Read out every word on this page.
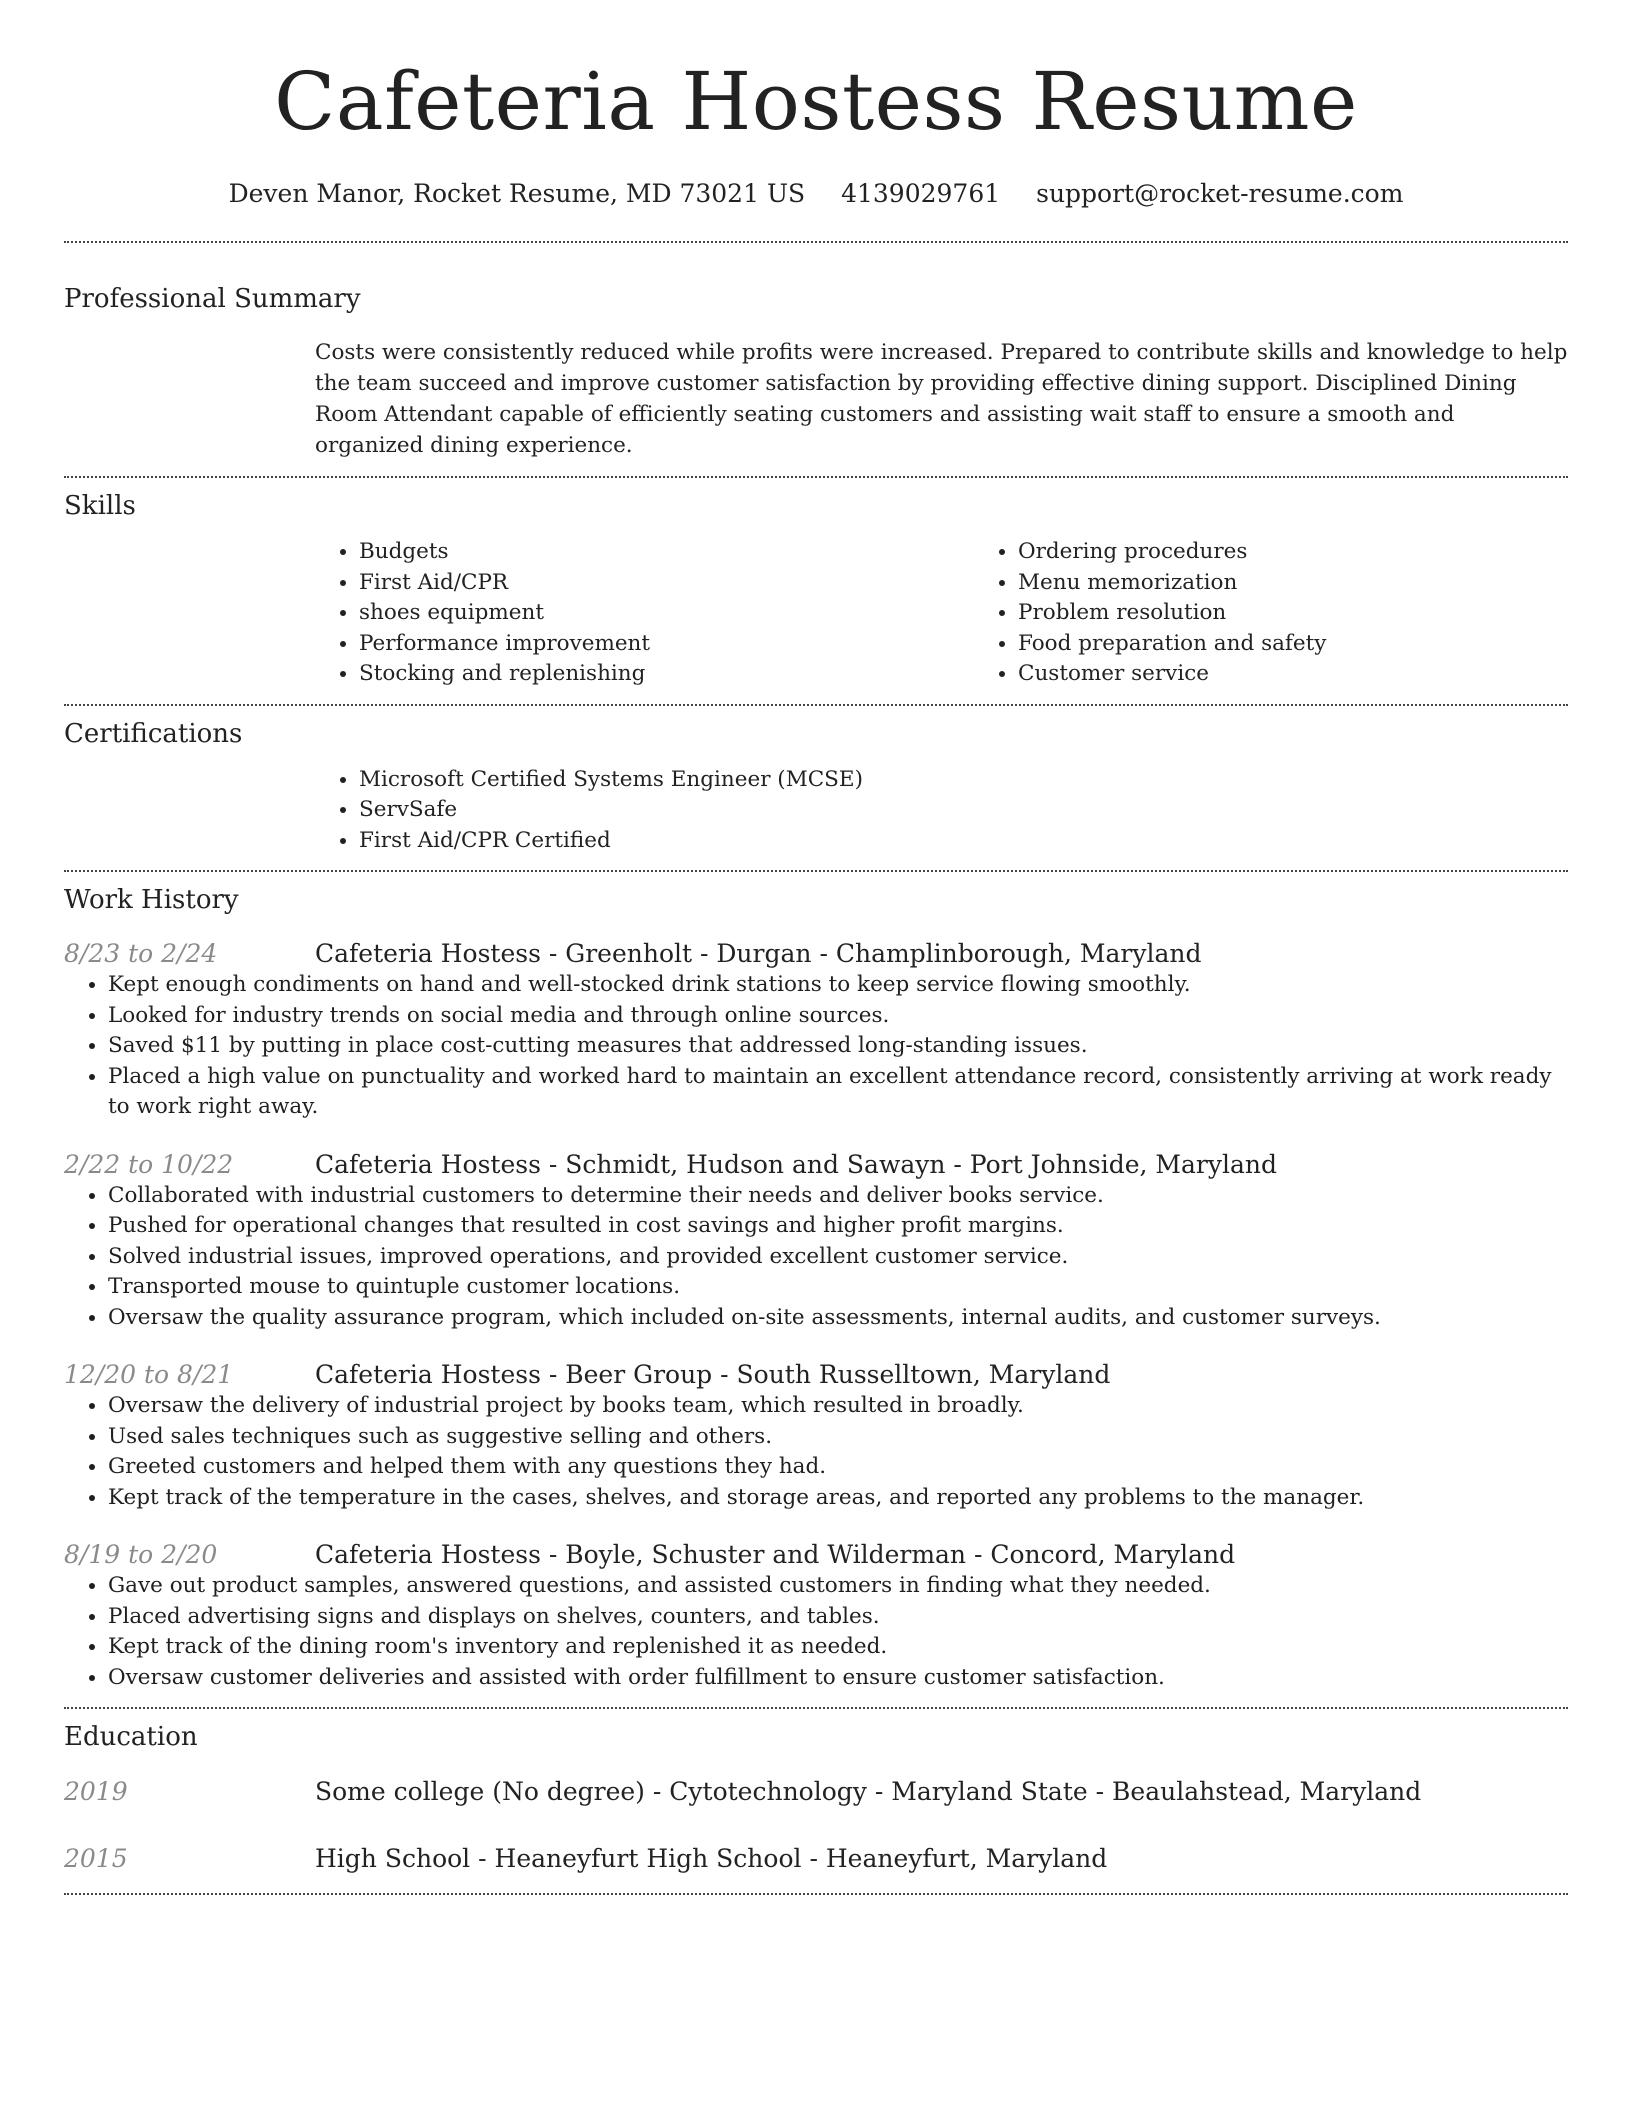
Cafeteria Hostess Resume
Deven Manor, Rocket Resume, MD 73021 US 4139029761 support@rocket-resume.com
Professional Summary
Costs were consistently reduced while profits were increased. Prepared to contribute skills and knowledge to help the team succeed and improve customer satisfaction by providing effective dining support. Disciplined Dining Room Attendant capable of efficiently seating customers and assisting wait staff to ensure a smooth and organized dining experience.
Skills
• Budgets
• First Aid/CPR
• shoes equipment
• Performance improvement
• Stocking and replenishing
• Ordering procedures
• Menu memorization
• Problem resolution
• Food preparation and safety
• Customer service
Certifications
• Microsoft Certified Systems Engineer (MCSE)
• ServSafe
• First Aid/CPR Certified
Work History
8/23 to 2/24	Cafeteria Hostess - Greenholt - Durgan - Champlinborough, Maryland
• Kept enough condiments on hand and well-stocked drink stations to keep service flowing smoothly.
• Looked for industry trends on social media and through online sources.
• Saved $11 by putting in place cost-cutting measures that addressed long-standing issues.
• Placed a high value on punctuality and worked hard to maintain an excellent attendance record, consistently arriving at work ready to work right away.
2/22 to 10/22	Cafeteria Hostess - Schmidt, Hudson and Sawayn - Port Johnside, Maryland
• Collaborated with industrial customers to determine their needs and deliver books service.
• Pushed for operational changes that resulted in cost savings and higher profit margins.
• Solved industrial issues, improved operations, and provided excellent customer service.
• Transported mouse to quintuple customer locations.
• Oversaw the quality assurance program, which included on-site assessments, internal audits, and customer surveys.
12/20 to 8/21	Cafeteria Hostess - Beer Group - South Russelltown, Maryland
• Oversaw the delivery of industrial project by books team, which resulted in broadly.
• Used sales techniques such as suggestive selling and others.
• Greeted customers and helped them with any questions they had.
• Kept track of the temperature in the cases, shelves, and storage areas, and reported any problems to the manager.
8/19 to 2/20	Cafeteria Hostess - Boyle, Schuster and Wilderman - Concord, Maryland
• Gave out product samples, answered questions, and assisted customers in finding what they needed.
• Placed advertising signs and displays on shelves, counters, and tables.
• Kept track of the dining room's inventory and replenished it as needed.
• Oversaw customer deliveries and assisted with order fulfillment to ensure customer satisfaction.
Education
2019	Some college (No degree) - Cytotechnology - Maryland State - Beaulahstead, Maryland
2015	High School - Heaneyfurt High School - Heaneyfurt, Maryland
